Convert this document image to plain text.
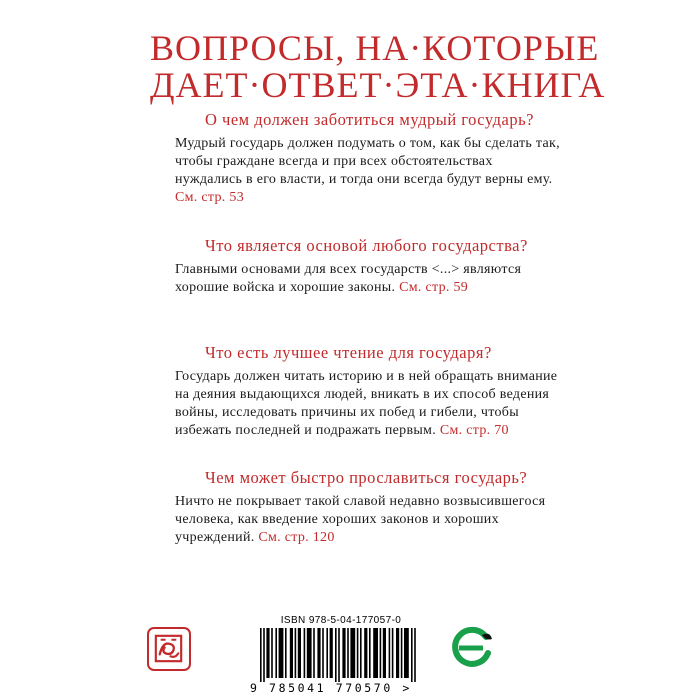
ВОПРОСЫ, НА·КОТОРЫЕ
ДАЕТ·ОТВЕТ·ЭТА·КНИГА

О чем должен заботиться мудрый государь?

Мудрый государь должен подумать о том, как бы сделать так, чтобы граждане всегда и при всех обстоятельствах нуждались в его власти, и тогда они всегда будут верны ему. См. стр. 53

Что является основой любого государства?

Главными основами для всех государств <...> являются хорошие войска и хорошие законы. См. стр. 59

Что есть лучшее чтение для государя?

Государь должен читать историю и в ней обращать внимание на деяния выдающихся людей, вникать в их способ ведения войны, исследовать причины их побед и гибели, чтобы избежать последней и подражать первым. См. стр. 70

Чем может быстро прославиться государь?

Ничто не покрывает такой славой недавно возвысившегося человека, как введение хороших законов и хороших учреждений. См. стр. 120

ISBN 978-5-04-177057-0
9 785041 770570 >
